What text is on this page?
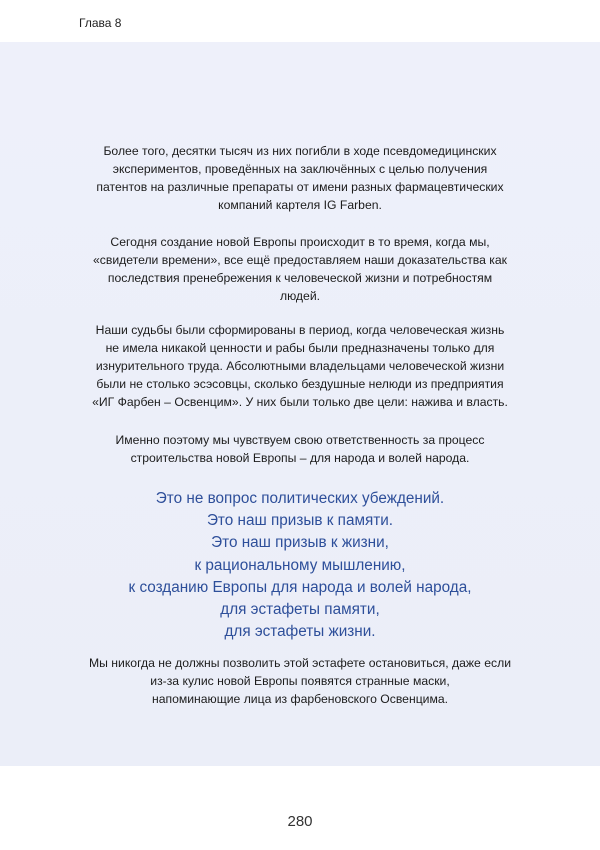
Глава 8
Более того, десятки тысяч из них погибли в ходе псевдомедицинских
экспериментов, проведённых на заключённых с целью получения
патентов на различные препараты от имени разных фармацевтических
компаний картеля IG Farben.
Сегодня создание новой Европы происходит в то время, когда мы,
«свидетели времени», все ещё предоставляем наши доказательства как
последствия пренебрежения к человеческой жизни и потребностям
людей.
Наши судьбы были сформированы в период, когда человеческая жизнь
не имела никакой ценности и рабы были предназначены только для
изнурительного труда. Абсолютными владельцами человеческой жизни
были не столько эсэсовцы, сколько бездушные нелюди из предприятия
«ИГ Фарбен – Освенцим». У них были только две цели: нажива и власть.
Именно поэтому мы чувствуем свою ответственность за процесс
строительства новой Европы – для народа и волей народа.
Это не вопрос политических убеждений.
Это наш призыв к памяти.
Это наш призыв к жизни,
к рациональному мышлению,
к созданию Европы для народа и волей народа,
для эстафеты памяти,
для эстафеты жизни.
Мы никогда не должны позволить этой эстафете остановиться, даже если
из-за кулис новой Европы появятся странные маски,
напоминающие лица из фарбеновского Освенцима.
280
